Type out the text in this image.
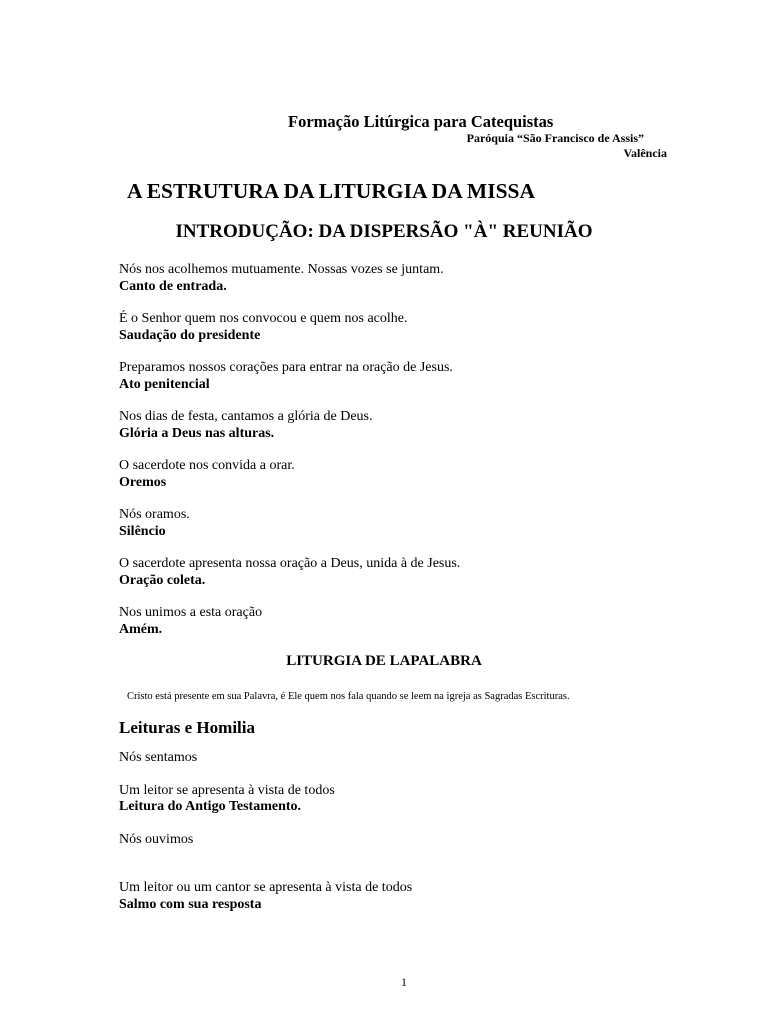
Formação Litúrgica para Catequistas
Paróquia “São Francisco de Assis”
Valência
A ESTRUTURA DA LITURGIA DA MISSA
INTRODUÇÃO: DA DISPERSÃO "À" REUNIÃO
Nós nos acolhemos mutuamente. Nossas vozes se juntam.
Canto de entrada.
É o Senhor quem nos convocou e quem nos acolhe.
Saudação do presidente
Preparamos nossos corações para entrar na oração de Jesus.
Ato penitencial
Nos dias de festa, cantamos a glória de Deus.
Glória a Deus nas alturas.
O sacerdote nos convida a orar.
Oremos
Nós oramos.
Silêncio
O sacerdote apresenta nossa oração a Deus, unida à de Jesus.
Oração coleta.
Nos unimos a esta oração
Amém.
LITURGIA DE LAPALABRA
Cristo está presente em sua Palavra, é Ele quem nos fala quando se leem na igreja as Sagradas Escrituras.
Leituras e Homilia
Nós sentamos
Um leitor se apresenta à vista de todos
Leitura do Antigo Testamento.
Nós ouvimos
Um leitor ou um cantor se apresenta à vista de todos
Salmo com sua resposta
1
